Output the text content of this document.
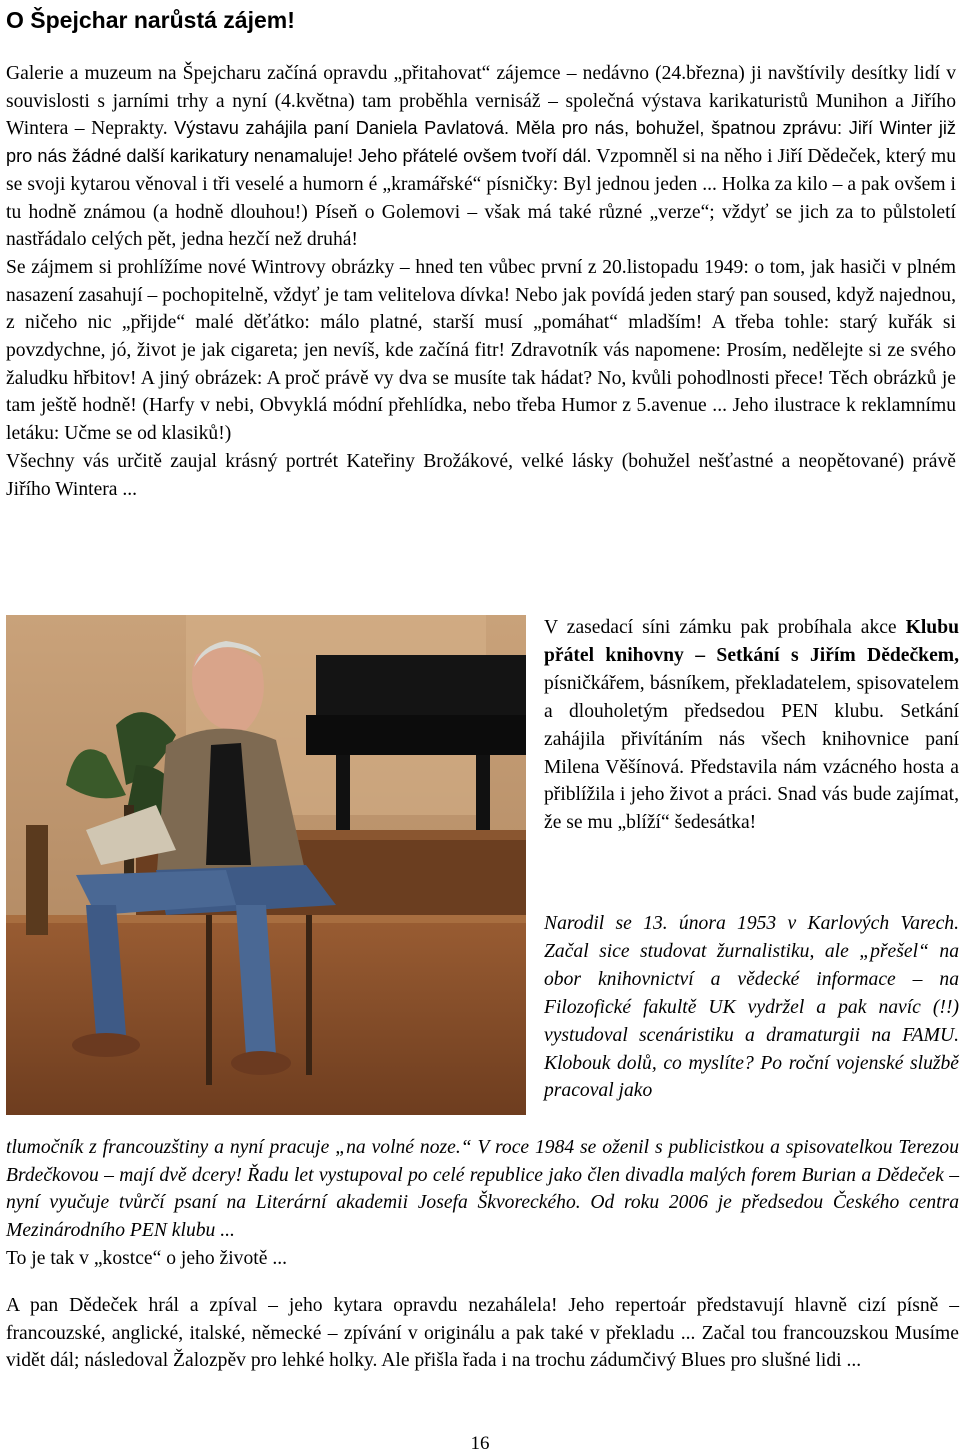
O Špejchar narůstá zájem!

Galerie a muzeum na Špejcharu začíná opravdu „přitahovat“ zájemce – nedávno (24.března) ji navštívily desítky lidí v souvislosti s jarními trhy a nyní (4.května) tam proběhla vernisáž – společná výstava karikaturistů Munihon a Jiřího Wintera – Neprakty. Výstavu zahájila paní Daniela Pavlatová. Měla pro nás, bohužel, špatnou zprávu: Jiří Winter již pro nás žádné další karikatury nenamaluje! Jeho přátelé ovšem tvoří dál. Vzpomněl si na něho i Jiří Dědeček, který mu se svoji kytarou věnoval i tři veselé a humorn é „kramářské“ písničky: Byl jednou jeden ... Holka za kilo – a pak ovšem i tu hodně známou (a hodně dlouhou!) Píseň o Golemovi – však má také různé „verze“; vždyť se jich za to půlstoletí nastřádalo celých pět, jedna hezčí než druhá!

Se zájmem si prohlížíme nové Wintrovy obrázky – hned ten vůbec první z 20.listopadu 1949: o tom, jak hasiči v plném nasazení zasahují – pochopitelně, vždyť je tam velitelova dívka! Nebo jak povídá jeden starý pan soused, když najednou, z ničeho nic „přijde“ malé děťátko: málo platné, starší musí „pomáhat“ mladším! A třeba tohle: starý kuřák si povzdychne, jó, život je jak cigareta; jen nevíš, kde začíná fitr! Zdravotník vás napomene: Prosím, nedělejte si ze svého žaludku hřbitov! A jiný obrázek: A proč právě vy dva se musíte tak hádat? No, kvůli pohodlnosti přece! Těch obrázků je tam ještě hodně! (Harfy v nebi, Obvyklá módní přehlídka, nebo třeba Humor z 5.avenue ... Jeho ilustrace k reklamnímu letáku: Učme se od klasiků!)

Všechny vás určitě zaujal krásný portrét Kateřiny Brožákové, velké lásky (bohužel nešťastné a neopětované) právě Jiřího Wintera ...

V zasedací síni zámku pak probíhala akce Klubu přátel knihovny – Setkání s Jiřím Dědečkem, písničkářem, básníkem, překladatelem, spisovatelem a dlouholetým předsedou PEN klubu. Setkání zahájila přivítáním nás všech knihovnice paní Milena Věšínová. Představila nám vzácného hosta a přiblížila i jeho život a práci. Snad vás bude zajímat, že se mu „blíží“ šedesátka!

Narodil se 13. února 1953 v Karlových Varech. Začal sice studovat žurnalistiku, ale „přešel“ na obor knihovnictví a vědecké informace – na Filozofické fakultě UK vydržel a pak navíc (!!) vystudoval scenáristiku a dramaturgii na FAMU. Klobouk dolů, co myslíte? Po roční vojenské službě pracoval jako

tlumočník z francouzštiny a nyní pracuje „na volné noze.“ V roce 1984 se oženil s publicistkou a spisovatelkou Terezou Brdečkovou – mají dvě dcery! Řadu let vystupoval po celé republice jako člen divadla malých forem Burian a Dědeček – nyní vyučuje tvůrčí psaní na Literární akademii Josefa Škvoreckého. Od roku 2006 je předsedou Českého centra Mezinárodního PEN klubu ...

To je tak v „kostce“ o jeho životě ...

A pan Dědeček hrál a zpíval – jeho kytara opravdu nezahálela! Jeho repertoár představují hlavně cizí písně – francouzské, anglické, italské, německé – zpívání v originálu a pak také v překladu ... Začal tou francouzskou Musíme vidět dál; následoval Žalozpěv pro lehké holky. Ale přišla řada i na trochu zádumčivý Blues pro slušné lidi ...

16
